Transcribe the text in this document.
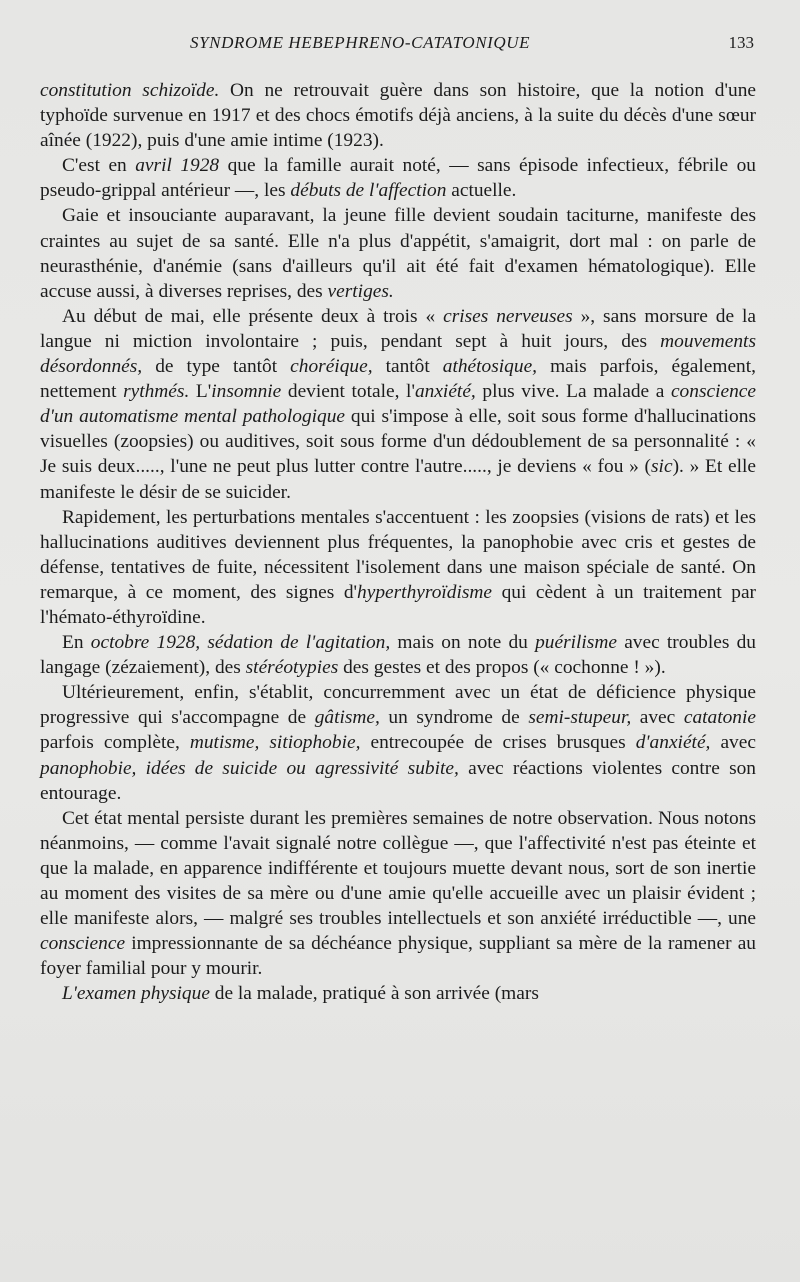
SYNDROME HEBEPHRENO-CATATONIQUE	133

constitution schizoïde. On ne retrouvait guère dans son histoire, que la notion d'une typhoïde survenue en 1917 et des chocs émotifs déjà anciens, à la suite du décès d'une sœur aînée (1922), puis d'une amie intime (1923).

C'est en avril 1928 que la famille aurait noté, — sans épisode infectieux, fébrile ou pseudo-grippal antérieur —, les débuts de l'affection actuelle.

Gaie et insouciante auparavant, la jeune fille devient soudain taciturne, manifeste des craintes au sujet de sa santé. Elle n'a plus d'appétit, s'amaigrit, dort mal : on parle de neurasthénie, d'anémie (sans d'ailleurs qu'il ait été fait d'examen hématologique). Elle accuse aussi, à diverses reprises, des vertiges.

Au début de mai, elle présente deux à trois « crises nerveuses », sans morsure de la langue ni miction involontaire ; puis, pendant sept à huit jours, des mouvements désordonnés, de type tantôt choréique, tantôt athétosique, mais parfois, également, nettement rythmés. L'insomnie devient totale, l'anxiété, plus vive. La malade a conscience d'un automatisme mental pathologique qui s'impose à elle, soit sous forme d'hallucinations visuelles (zoopsies) ou auditives, soit sous forme d'un dédoublement de sa personnalité : « Je suis deux....., l'une ne peut plus lutter contre l'autre....., je deviens « fou » (sic). » Et elle manifeste le désir de se suicider.

Rapidement, les perturbations mentales s'accentuent : les zoopsies (visions de rats) et les hallucinations auditives deviennent plus fréquentes, la panophobie avec cris et gestes de défense, tentatives de fuite, nécessitent l'isolement dans une maison spéciale de santé. On remarque, à ce moment, des signes d'hyperthyroïdisme qui cèdent à un traitement par l'hémato-éthyroïdine.

En octobre 1928, sédation de l'agitation, mais on note du puérilisme avec troubles du langage (zézaiement), des stéréotypies des gestes et des propos (« cochonne ! »).

Ultérieurement, enfin, s'établit, concurremment avec un état de déficience physique progressive qui s'accompagne de gâtisme, un syndrome de semi-stupeur, avec catatonie parfois complète, mutisme, sitiophobie, entrecoupée de crises brusques d'anxiété, avec panophobie, idées de suicide ou agressivité subite, avec réactions violentes contre son entourage.

Cet état mental persiste durant les premières semaines de notre observation. Nous notons néanmoins, — comme l'avait signalé notre collègue —, que l'affectivité n'est pas éteinte et que la malade, en apparence indifférente et toujours muette devant nous, sort de son inertie au moment des visites de sa mère ou d'une amie qu'elle accueille avec un plaisir évident ; elle manifeste alors, — malgré ses troubles intellectuels et son anxiété irréductible —, une conscience impressionnante de sa déchéance physique, suppliant sa mère de la ramener au foyer familial pour y mourir.

L'examen physique de la malade, pratiqué à son arrivée (mars
